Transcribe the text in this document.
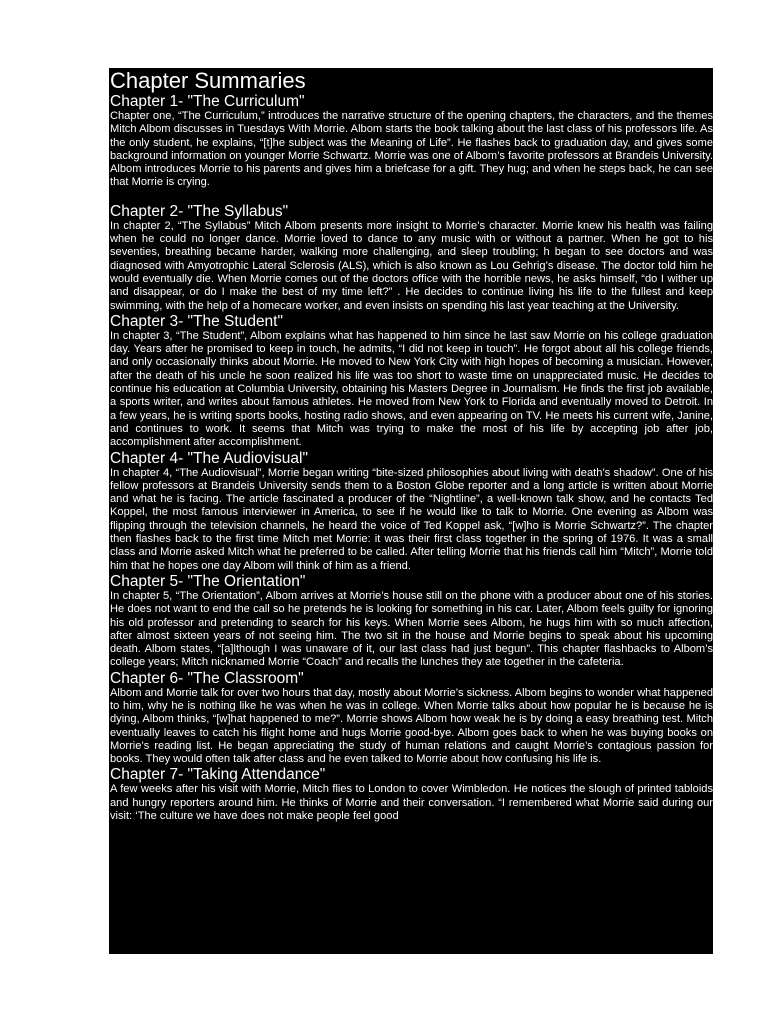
Chapter Summaries
Chapter 1- "The Curriculum"

Chapter one, “The Curriculum,” introduces the narrative structure of the opening chapters, the characters, and the themes Mitch Albom discusses in Tuesdays With Morrie. Albom starts the book talking about the last class of his professors life. As the only student, he explains, “[t]he subject was the Meaning of Life”. He flashes back to graduation day, and gives some background information on younger Morrie Schwartz. Morrie was one of Albom’s favorite professors at Brandeis University. Albom introduces Morrie to his parents and gives him a briefcase for a gift. They hug; and when he steps back, he can see that Morrie is crying.

Chapter 2- "The Syllabus"

In chapter 2, “The Syllabus” Mitch Albom presents more insight to Morrie’s character. Morrie knew his health was failing when he could no longer dance. Morrie loved to dance to any music with or without a partner. When he got to his seventies, breathing became harder, walking more challenging, and sleep troubling; h began to see doctors and was diagnosed with Amyotrophic Lateral Sclerosis (ALS), which is also known as Lou Gehrig’s disease. The doctor told him he would eventually die. When Morrie comes out of the doctors office with the horrible news, he asks himself, “do I wither up and disappear, or do I make the best of my time left?” . He decides to continue living his life to the fullest and keep swimming, with the help of a homecare worker, and even insists on spending his last year teaching at the University.

Chapter 3- "The Student"

In chapter 3, “The Student”, Albom explains what has happened to him since he last saw Morrie on his college graduation day. Years after he promised to keep in touch, he admits, “I did not keep in touch”. He forgot about all his college friends, and only occasionally thinks about Morrie. He moved to New York City with high hopes of becoming a musician. However, after the death of his uncle he soon realized his life was too short to waste time on unappreciated music. He decides to continue his education at Columbia University, obtaining his Masters Degree in Journalism. He finds the first job available, a sports writer, and writes about famous athletes. He moved from New York to Florida and eventually moved to Detroit. In a few years, he is writing sports books, hosting radio shows, and even appearing on TV. He meets his current wife, Janine, and continues to work. It seems that Mitch was trying to make the most of his life by accepting job after job, accomplishment after accomplishment.

Chapter 4- "The Audiovisual"

In chapter 4, “The Audiovisual”, Morrie began writing “bite-sized philosophies about living with death’s shadow”. One of his fellow professors at Brandeis University sends them to a Boston Globe reporter and a long article is written about Morrie and what he is facing. The article fascinated a producer of the “Nightline”, a well-known talk show, and he contacts Ted Koppel, the most famous interviewer in America, to see if he would like to talk to Morrie. One evening as Albom was flipping through the television channels, he heard the voice of Ted Koppel ask, “[w]ho is Morrie Schwartz?”. The chapter then flashes back to the first time Mitch met Morrie: it was their first class together in the spring of 1976. It was a small class and Morrie asked Mitch what he preferred to be called. After telling Morrie that his friends call him “Mitch”, Morrie told him that he hopes one day Albom will think of him as a friend.

Chapter 5- "The Orientation"

In chapter 5, “The Orientation”, Albom arrives at Morrie’s house still on the phone with a producer about one of his stories. He does not want to end the call so he pretends he is looking for something in his car. Later, Albom feels guilty for ignoring his old professor and pretending to search for his keys. When Morrie sees Albom, he hugs him with so much affection, after almost sixteen years of not seeing him. The two sit in the house and Morrie begins to speak about his upcoming death. Albom states, “[a]lthough I was unaware of it, our last class had just begun”. This chapter flashbacks to Albom’s college years; Mitch nicknamed Morrie “Coach” and recalls the lunches they ate together in the cafeteria.

Chapter 6- "The Classroom"

Albom and Morrie talk for over two hours that day, mostly about Morrie’s sickness. Albom begins to wonder what happened to him, why he is nothing like he was when he was in college. When Morrie talks about how popular he is because he is dying, Albom thinks, “[w]hat happened to me?”. Morrie shows Albom how weak he is by doing a easy breathing test. Mitch eventually leaves to catch his flight home and hugs Morrie good-bye. Albom goes back to when he was buying books on Morrie’s reading list. He began appreciating the study of human relations and caught Morrie’s contagious passion for books. They would often talk after class and he even talked to Morrie about how confusing his life is.

Chapter 7- "Taking Attendance"

A few weeks after his visit with Morrie, Mitch flies to London to cover Wimbledon. He notices the slough of printed tabloids and hungry reporters around him. He thinks of Morrie and their conversation. “I remembered what Morrie said during our visit: ‘The culture we have does not make people feel good
